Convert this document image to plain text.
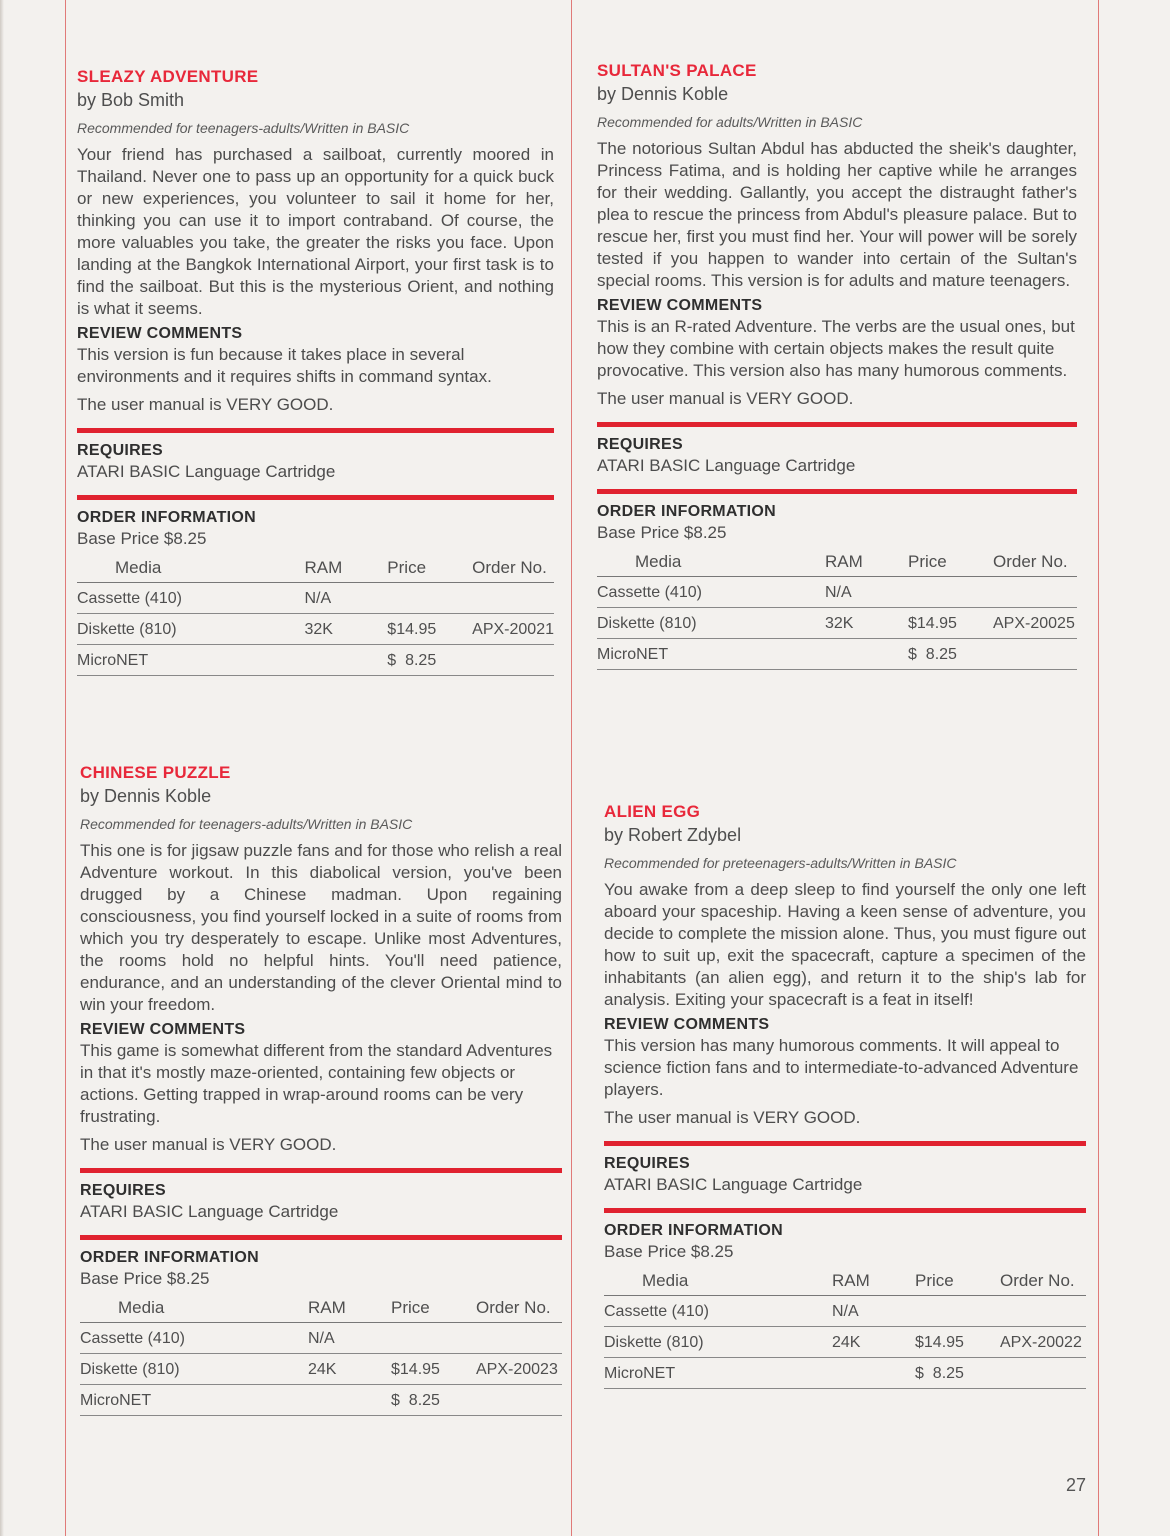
SLEAZY ADVENTURE
by Bob Smith
Recommended for teenagers-adults/Written in BASIC
Your friend has purchased a sailboat, currently moored in Thailand. Never one to pass up an opportunity for a quick buck or new experiences, you volunteer to sail it home for her, thinking you can use it to import contraband. Of course, the more valuables you take, the greater the risks you face. Upon landing at the Bangkok International Airport, your first task is to find the sailboat. But this is the mysterious Orient, and nothing is what it seems.
REVIEW COMMENTS
This version is fun because it takes place in several environments and it requires shifts in command syntax.
The user manual is VERY GOOD.
REQUIRES
ATARI BASIC Language Cartridge
ORDER INFORMATION
Base Price $8.25
Media	RAM	Price	Order No.
Cassette (410)	N/A		
Diskette (810)	32K	$14.95	APX-20021
MicroNET		$  8.25	
CHINESE PUZZLE
by Dennis Koble
Recommended for teenagers-adults/Written in BASIC
This one is for jigsaw puzzle fans and for those who relish a real Adventure workout. In this diabolical version, you've been drugged by a Chinese madman. Upon regaining consciousness, you find yourself locked in a suite of rooms from which you try desperately to escape. Unlike most Adventures, the rooms hold no helpful hints. You'll need patience, endurance, and an understanding of the clever Oriental mind to win your freedom.
REVIEW COMMENTS
This game is somewhat different from the standard Adventures in that it's mostly maze-oriented, containing few objects or actions. Getting trapped in wrap-around rooms can be very frustrating.
The user manual is VERY GOOD.
REQUIRES
ATARI BASIC Language Cartridge
ORDER INFORMATION
Base Price $8.25
Media	RAM	Price	Order No.
Cassette (410)	N/A		
Diskette (810)	24K	$14.95	APX-20023
MicroNET		$  8.25	
SULTAN'S PALACE
by Dennis Koble
Recommended for adults/Written in BASIC
The notorious Sultan Abdul has abducted the sheik's daughter, Princess Fatima, and is holding her captive while he arranges for their wedding. Gallantly, you accept the distraught father's plea to rescue the princess from Abdul's pleasure palace. But to rescue her, first you must find her. Your will power will be sorely tested if you happen to wander into certain of the Sultan's special rooms. This version is for adults and mature teenagers.
REVIEW COMMENTS
This is an R-rated Adventure. The verbs are the usual ones, but how they combine with certain objects makes the result quite provocative. This version also has many humorous comments.
The user manual is VERY GOOD.
REQUIRES
ATARI BASIC Language Cartridge
ORDER INFORMATION
Base Price $8.25
Media	RAM	Price	Order No.
Cassette (410)	N/A		
Diskette (810)	32K	$14.95	APX-20025
MicroNET		$  8.25	
ALIEN EGG
by Robert Zdybel
Recommended for preteenagers-adults/Written in BASIC
You awake from a deep sleep to find yourself the only one left aboard your spaceship. Having a keen sense of adventure, you decide to complete the mission alone. Thus, you must figure out how to suit up, exit the spacecraft, capture a specimen of the inhabitants (an alien egg), and return it to the ship's lab for analysis. Exiting your spacecraft is a feat in itself!
REVIEW COMMENTS
This version has many humorous comments. It will appeal to science fiction fans and to intermediate-to-advanced Adventure players.
The user manual is VERY GOOD.
REQUIRES
ATARI BASIC Language Cartridge
ORDER INFORMATION
Base Price $8.25
Media	RAM	Price	Order No.
Cassette (410)	N/A		
Diskette (810)	24K	$14.95	APX-20022
MicroNET		$  8.25	
27
